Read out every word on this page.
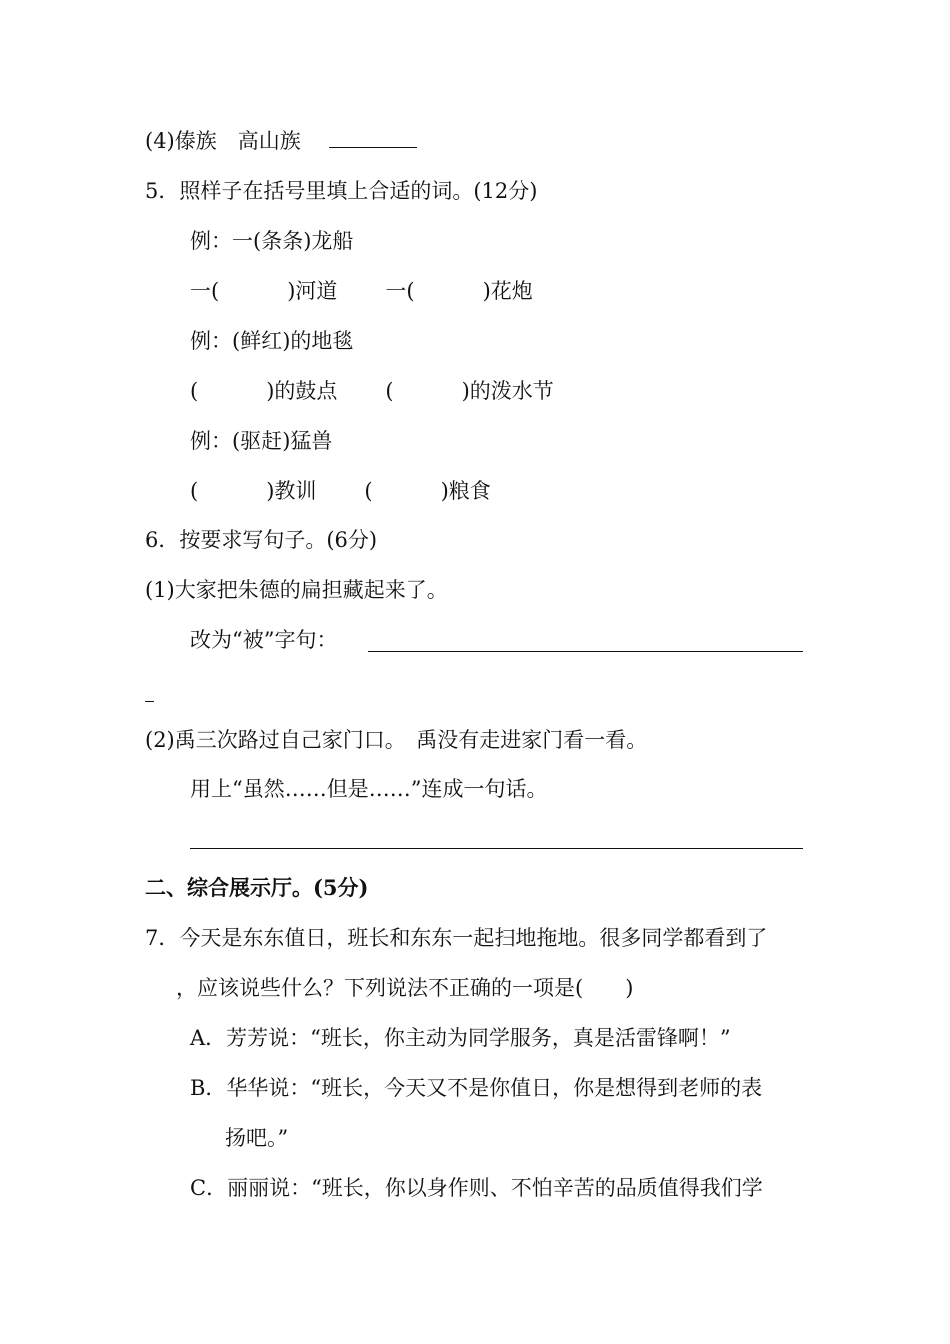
(4)傣族　高山族
5．照样子在括号里填上合适的词。(12分)
例：一(条条)龙船
一(	)河道 一(	)花炮
例：(鲜红)的地毯
(	)的鼓点 (	)的泼水节
例：(驱赶)猛兽
(	)教训 (	)粮食
6．按要求写句子。(6分)
(1)大家把朱德的扁担藏起来了。
改为“被”字句：
(2)禹三次路过自己家门口。　禹没有走进家门看一看。
用上“虽然……但是……”连成一句话。
二、综合展示厅。(5分)
7．今天是东东值日，班长和东东一起扫地拖地。很多同学都看到了
，应该说些什么？下列说法不正确的一项是(　　)
A．芳芳说：“班长，你主动为同学服务，真是活雷锋啊！”
B．华华说：“班长，今天又不是你值日，你是想得到老师的表
扬吧。”
C．丽丽说：“班长，你以身作则、不怕辛苦的品质值得我们学
